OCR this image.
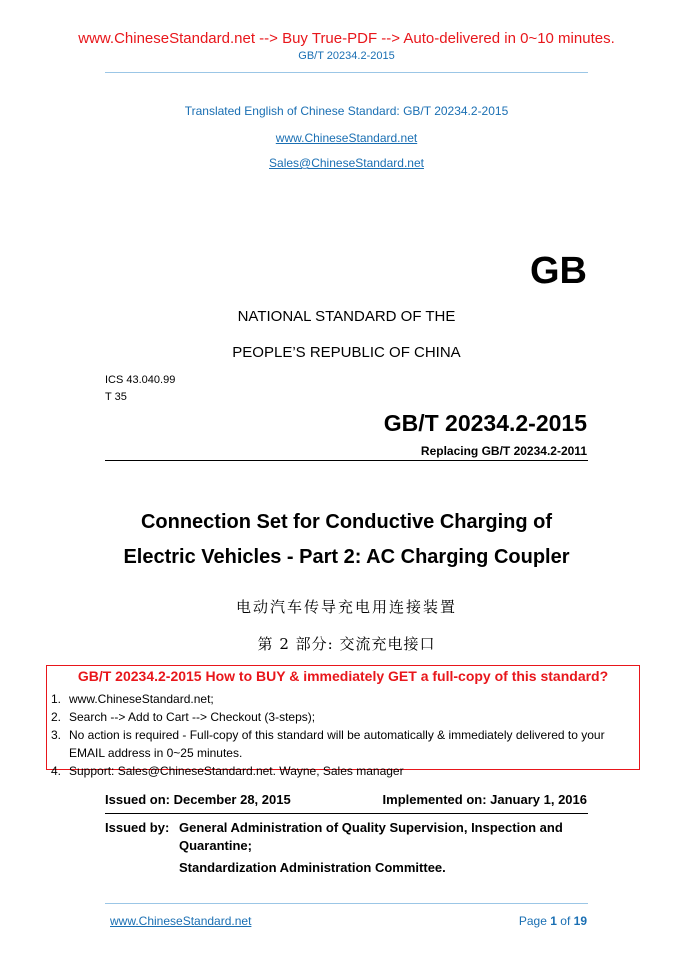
www.ChineseStandard.net --> Buy True-PDF --> Auto-delivered in 0~10 minutes.
GB/T 20234.2-2015
Translated English of Chinese Standard: GB/T 20234.2-2015
www.ChineseStandard.net
Sales@ChineseStandard.net
GB
NATIONAL STANDARD OF THE
PEOPLE’S REPUBLIC OF CHINA
ICS 43.040.99
T 35
GB/T 20234.2-2015
Replacing GB/T 20234.2-2011
Connection Set for Conductive Charging of
Electric Vehicles - Part 2: AC Charging Coupler
电动汽车传导充电用连接装置
第 2 部分: 交流充电接口
GB/T 20234.2-2015 How to BUY & immediately GET a full-copy of this standard?
1. www.ChineseStandard.net;
2. Search --> Add to Cart --> Checkout (3-steps);
3. No action is required - Full-copy of this standard will be automatically & immediately delivered to your EMAIL address in 0~25 minutes.
4. Support: Sales@ChineseStandard.net. Wayne, Sales manager
Issued on: December 28, 2015	Implemented on: January 1, 2016
Issued by: General Administration of Quality Supervision, Inspection and Quarantine;
Standardization Administration Committee.
www.ChineseStandard.net	Page 1 of 19
